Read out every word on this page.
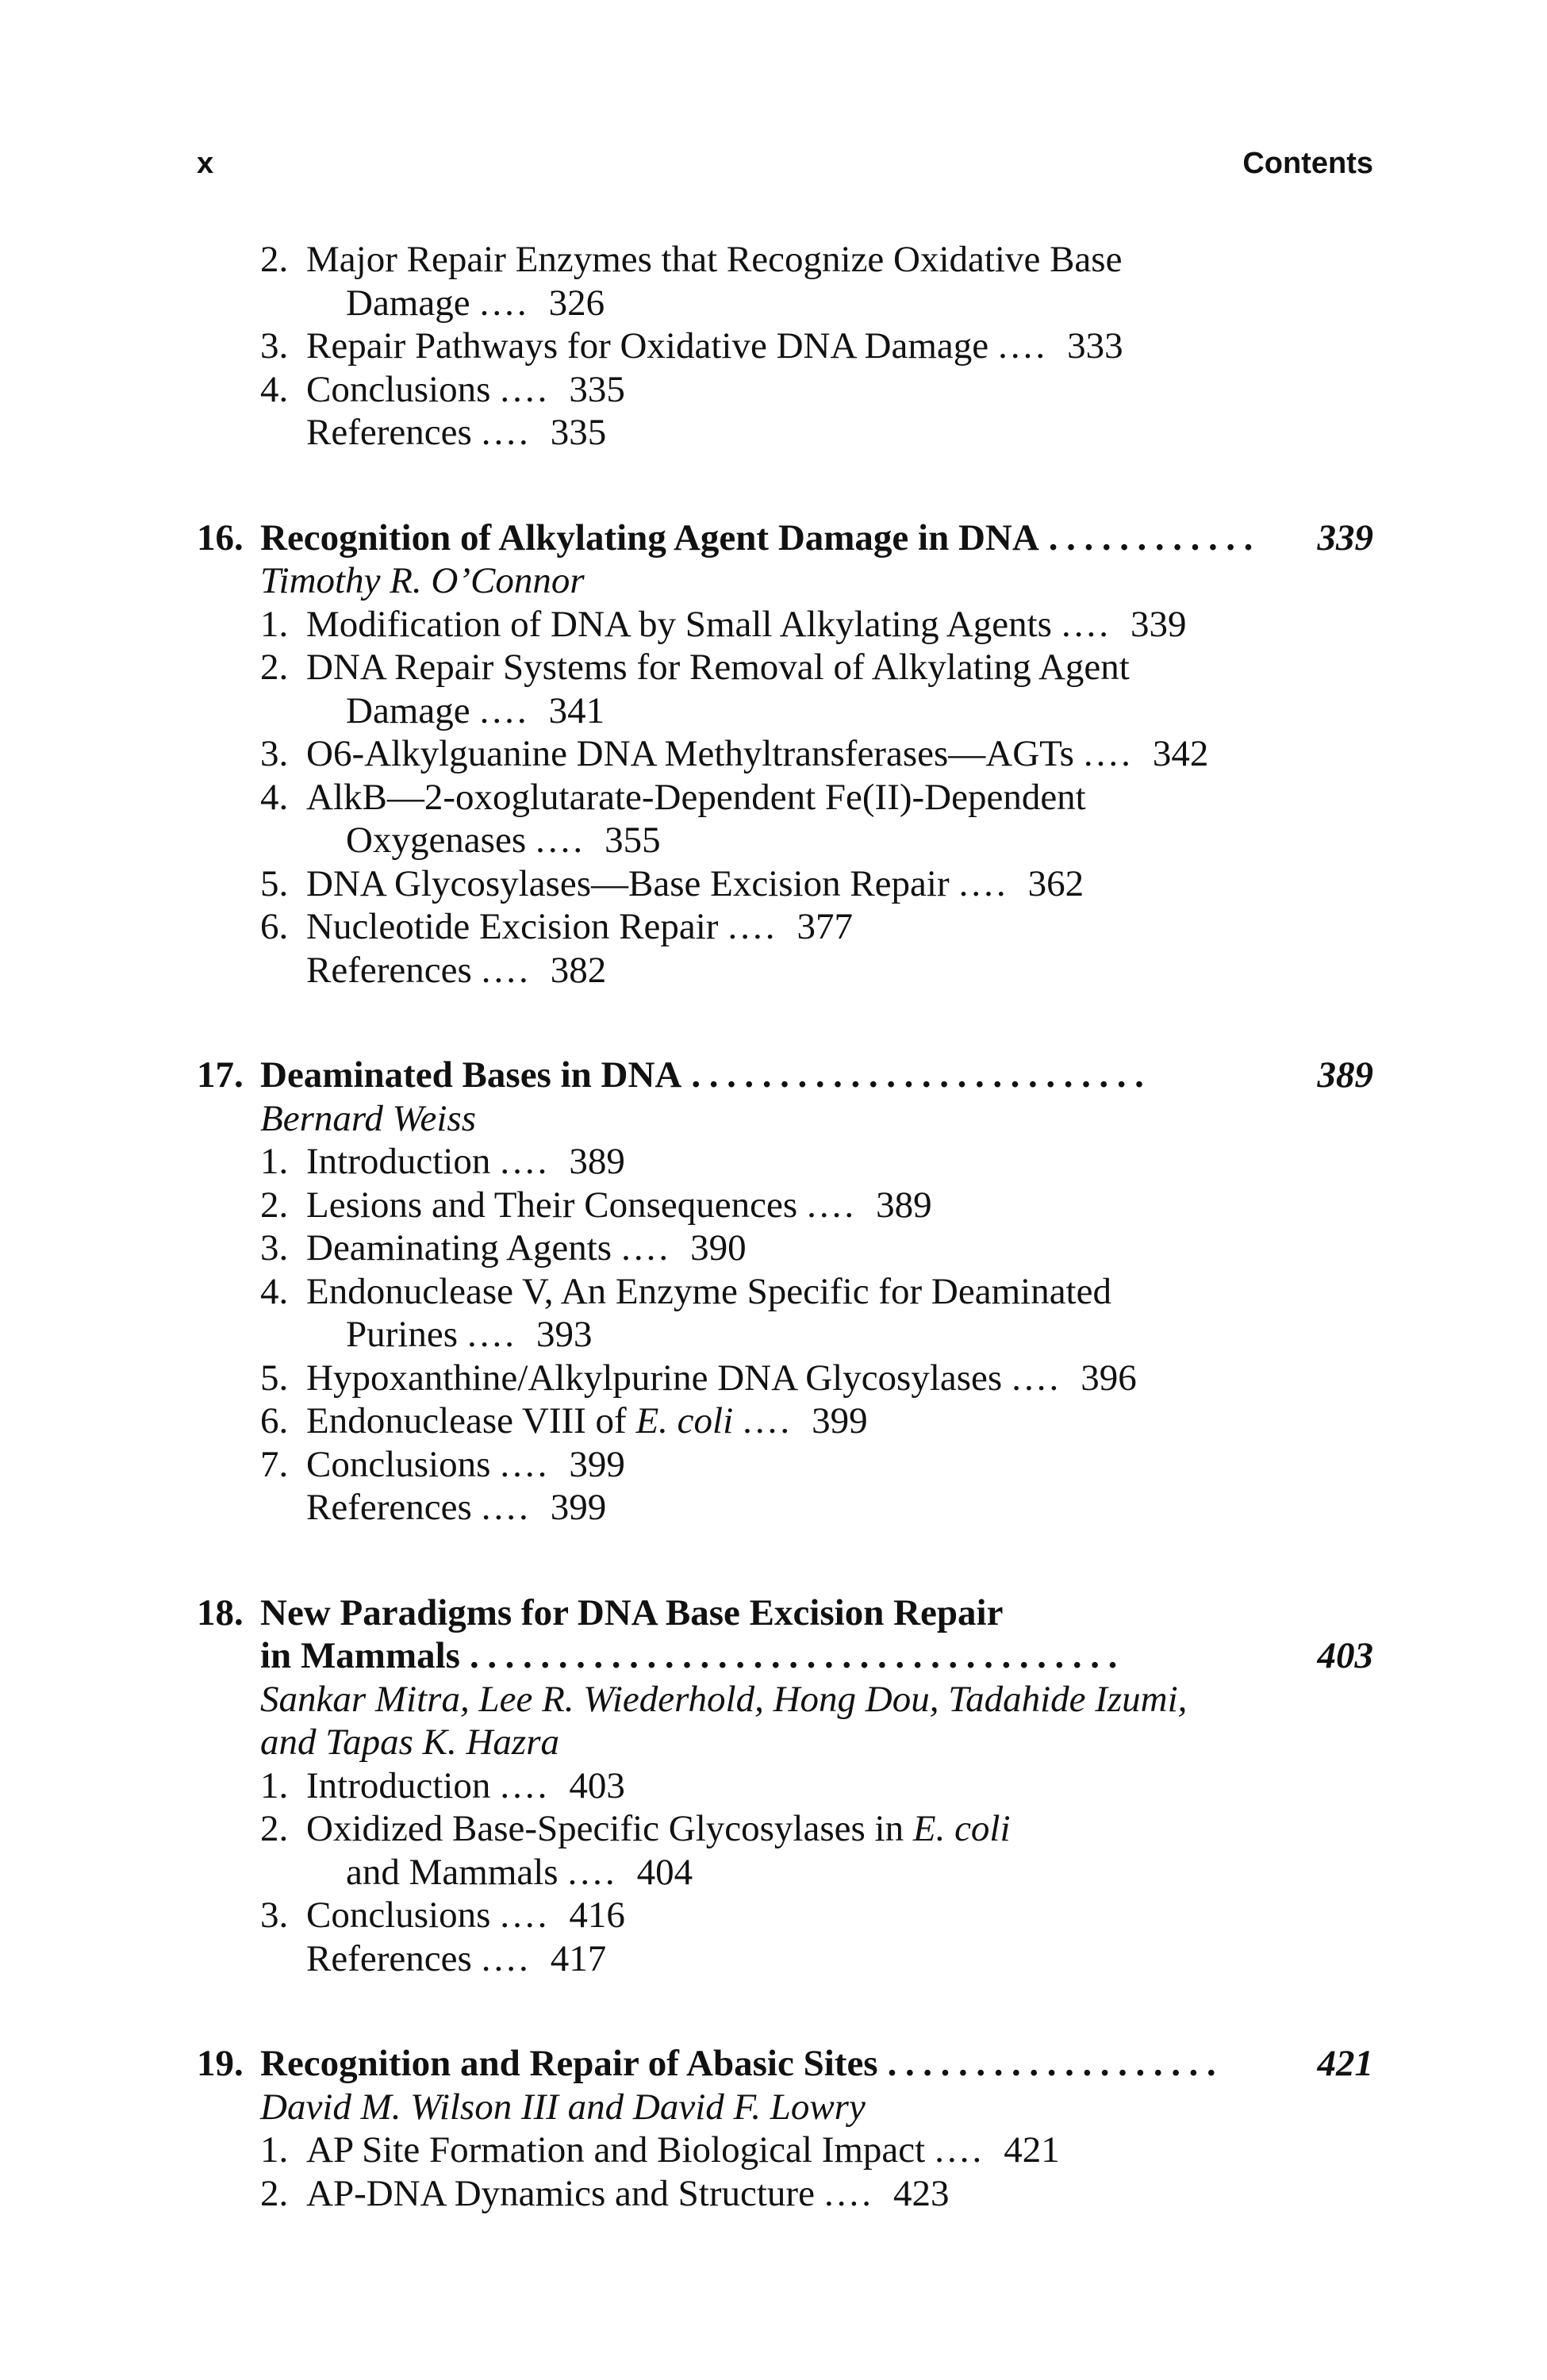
x	Contents
2. Major Repair Enzymes that Recognize Oxidative Base
Damage .... 326
3. Repair Pathways for Oxidative DNA Damage .... 333
4. Conclusions .... 335
References .... 335
16. Recognition of Alkylating Agent Damage in DNA ............	339
Timothy R. O’Connor
1. Modification of DNA by Small Alkylating Agents .... 339
2. DNA Repair Systems for Removal of Alkylating Agent
Damage .... 341
3. O6-Alkylguanine DNA Methyltransferases—AGTs .... 342
4. AlkB—2-oxoglutarate-Dependent Fe(II)-Dependent
Oxygenases .... 355
5. DNA Glycosylases—Base Excision Repair .... 362
6. Nucleotide Excision Repair .... 377
References .... 382
17. Deaminated Bases in DNA ..........................	389
Bernard Weiss
1. Introduction .... 389
2. Lesions and Their Consequences .... 389
3. Deaminating Agents .... 390
4. Endonuclease V, An Enzyme Specific for Deaminated
Purines .... 393
5. Hypoxanthine/Alkylpurine DNA Glycosylases .... 396
6. Endonuclease VIII of E. coli .... 399
7. Conclusions .... 399
References .... 399
18. New Paradigms for DNA Base Excision Repair
in Mammals .....................................	403
Sankar Mitra, Lee R. Wiederhold, Hong Dou, Tadahide Izumi,
and Tapas K. Hazra
1. Introduction .... 403
2. Oxidized Base-Specific Glycosylases in E. coli
and Mammals .... 404
3. Conclusions .... 416
References .... 417
19. Recognition and Repair of Abasic Sites ...................	421
David M. Wilson III and David F. Lowry
1. AP Site Formation and Biological Impact .... 421
2. AP-DNA Dynamics and Structure .... 423
